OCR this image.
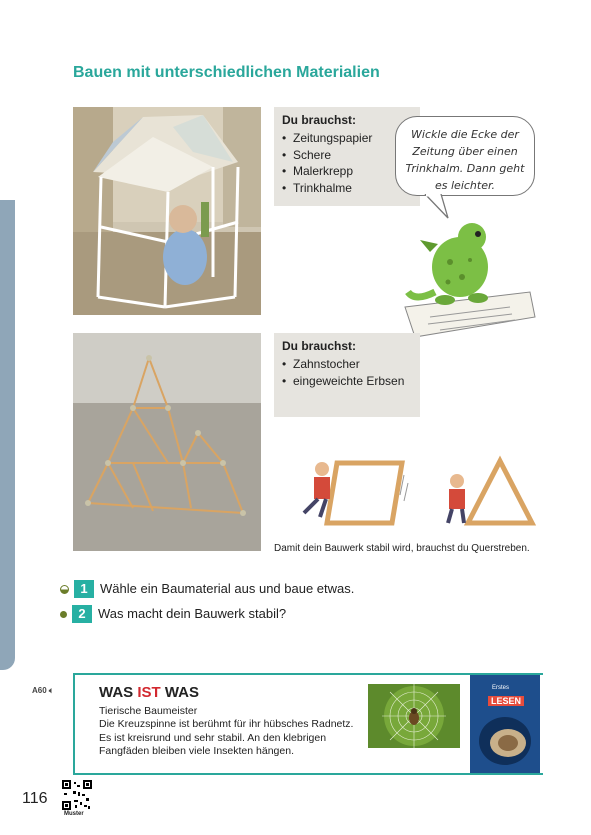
Bauen mit unterschiedlichen Materialien
Du brauchst:
• Zeitungspapier
• Schere
• Malerkrepp
• Trinkhalme
Wickle die Ecke der Zeitung über einen Trinkhalm. Dann geht es leichter.
Du brauchst:
• Zahnstocher
• eingeweichte Erbsen
Damit dein Bauwerk stabil wird, brauchst du Querstreben.
1 Wähle ein Baumaterial aus und baue etwas.
2 Was macht dein Bauwerk stabil?
A60 🔈︎	WAS IST WAS
Tierische Baumeister
Die Kreuzspinne ist berühmt für ihr hübsches Radnetz. Es ist kreisrund und sehr stabil. An den klebrigen Fangfäden bleiben viele Insekten hängen.
Erstes
LESEN
116
Muster
